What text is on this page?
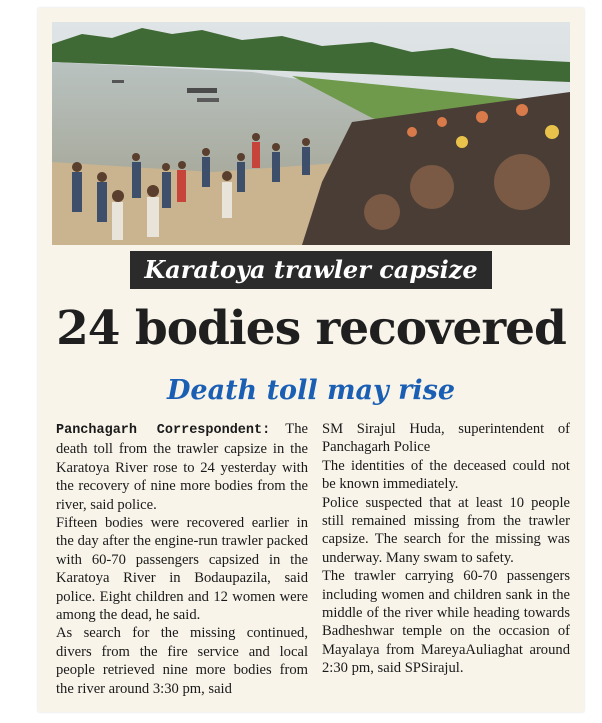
Karatoya trawler capsize
24 bodies recovered
Death toll may rise

Panchagarh Correspondent: The death toll from the trawler capsize in the Karatoya River rose to 24 yesterday with the recovery of nine more bodies from the river, said police.

Fifteen bodies were recovered earlier in the day after the engine-run trawler packed with 60-70 passengers capsized in the Karatoya River in Bodaupazila, said police. Eight children and 12 women were among the dead, he said.

As search for the missing continued, divers from the fire service and local people retrieved nine more bodies from the river around 3:30 pm, said

SM Sirajul Huda, superintendent of Panchagarh Police

The identities of the deceased could not be known immediately.

Police suspected that at least 10 people still remained missing from the trawler capsize. The search for the missing was underway. Many swam to safety.

The trawler carrying 60-70 passengers including women and children sank in the middle of the river while heading towards Badheshwar temple on the occasion of Mayalaya from MareyaAuliaghat around 2:30 pm, said SPSirajul.
